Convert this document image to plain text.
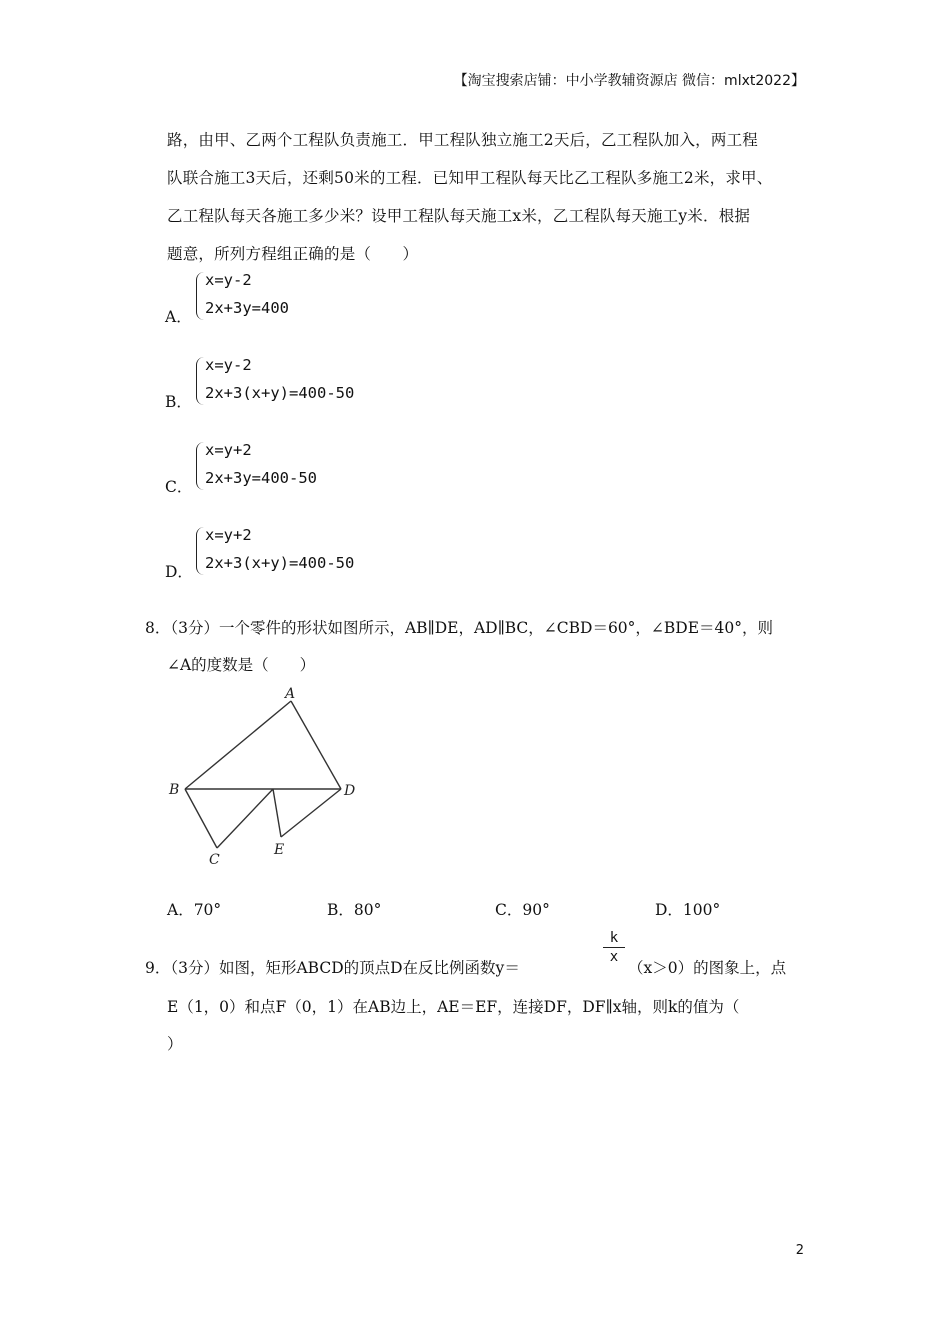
【淘宝搜索店铺：中小学教辅资源店 微信：mlxt2022】
路，由甲、乙两个工程队负责施工．甲工程队独立施工2天后，乙工程队加入，两工程
队联合施工3天后，还剩50米的工程．已知甲工程队每天比乙工程队多施工2米，求甲、
乙工程队每天各施工多少米？设甲工程队每天施工x米，乙工程队每天施工y米．根据
题意，所列方程组正确的是（　　）
A．
x=y-2
2x+3y=400
B．
x=y-2
2x+3(x+y)=400-50
C．
x=y+2
2x+3y=400-50
D．
x=y+2
2x+3(x+y)=400-50
8．（3分）一个零件的形状如图所示，AB∥DE，AD∥BC，∠CBD＝60°，∠BDE＝40°，则
∠A的度数是（　　）
A
B
C
D
E
A．70°	B．80°	C．90°	D．100°
9．（3分）如图，矩形ABCD的顶点D在反比例函数y＝
$\frac{k}{x}$
（x＞0）的图象上，点
E（1，0）和点F（0，1）在AB边上，AE＝EF，连接DF，DF∥x轴，则k的值为（
）
2
